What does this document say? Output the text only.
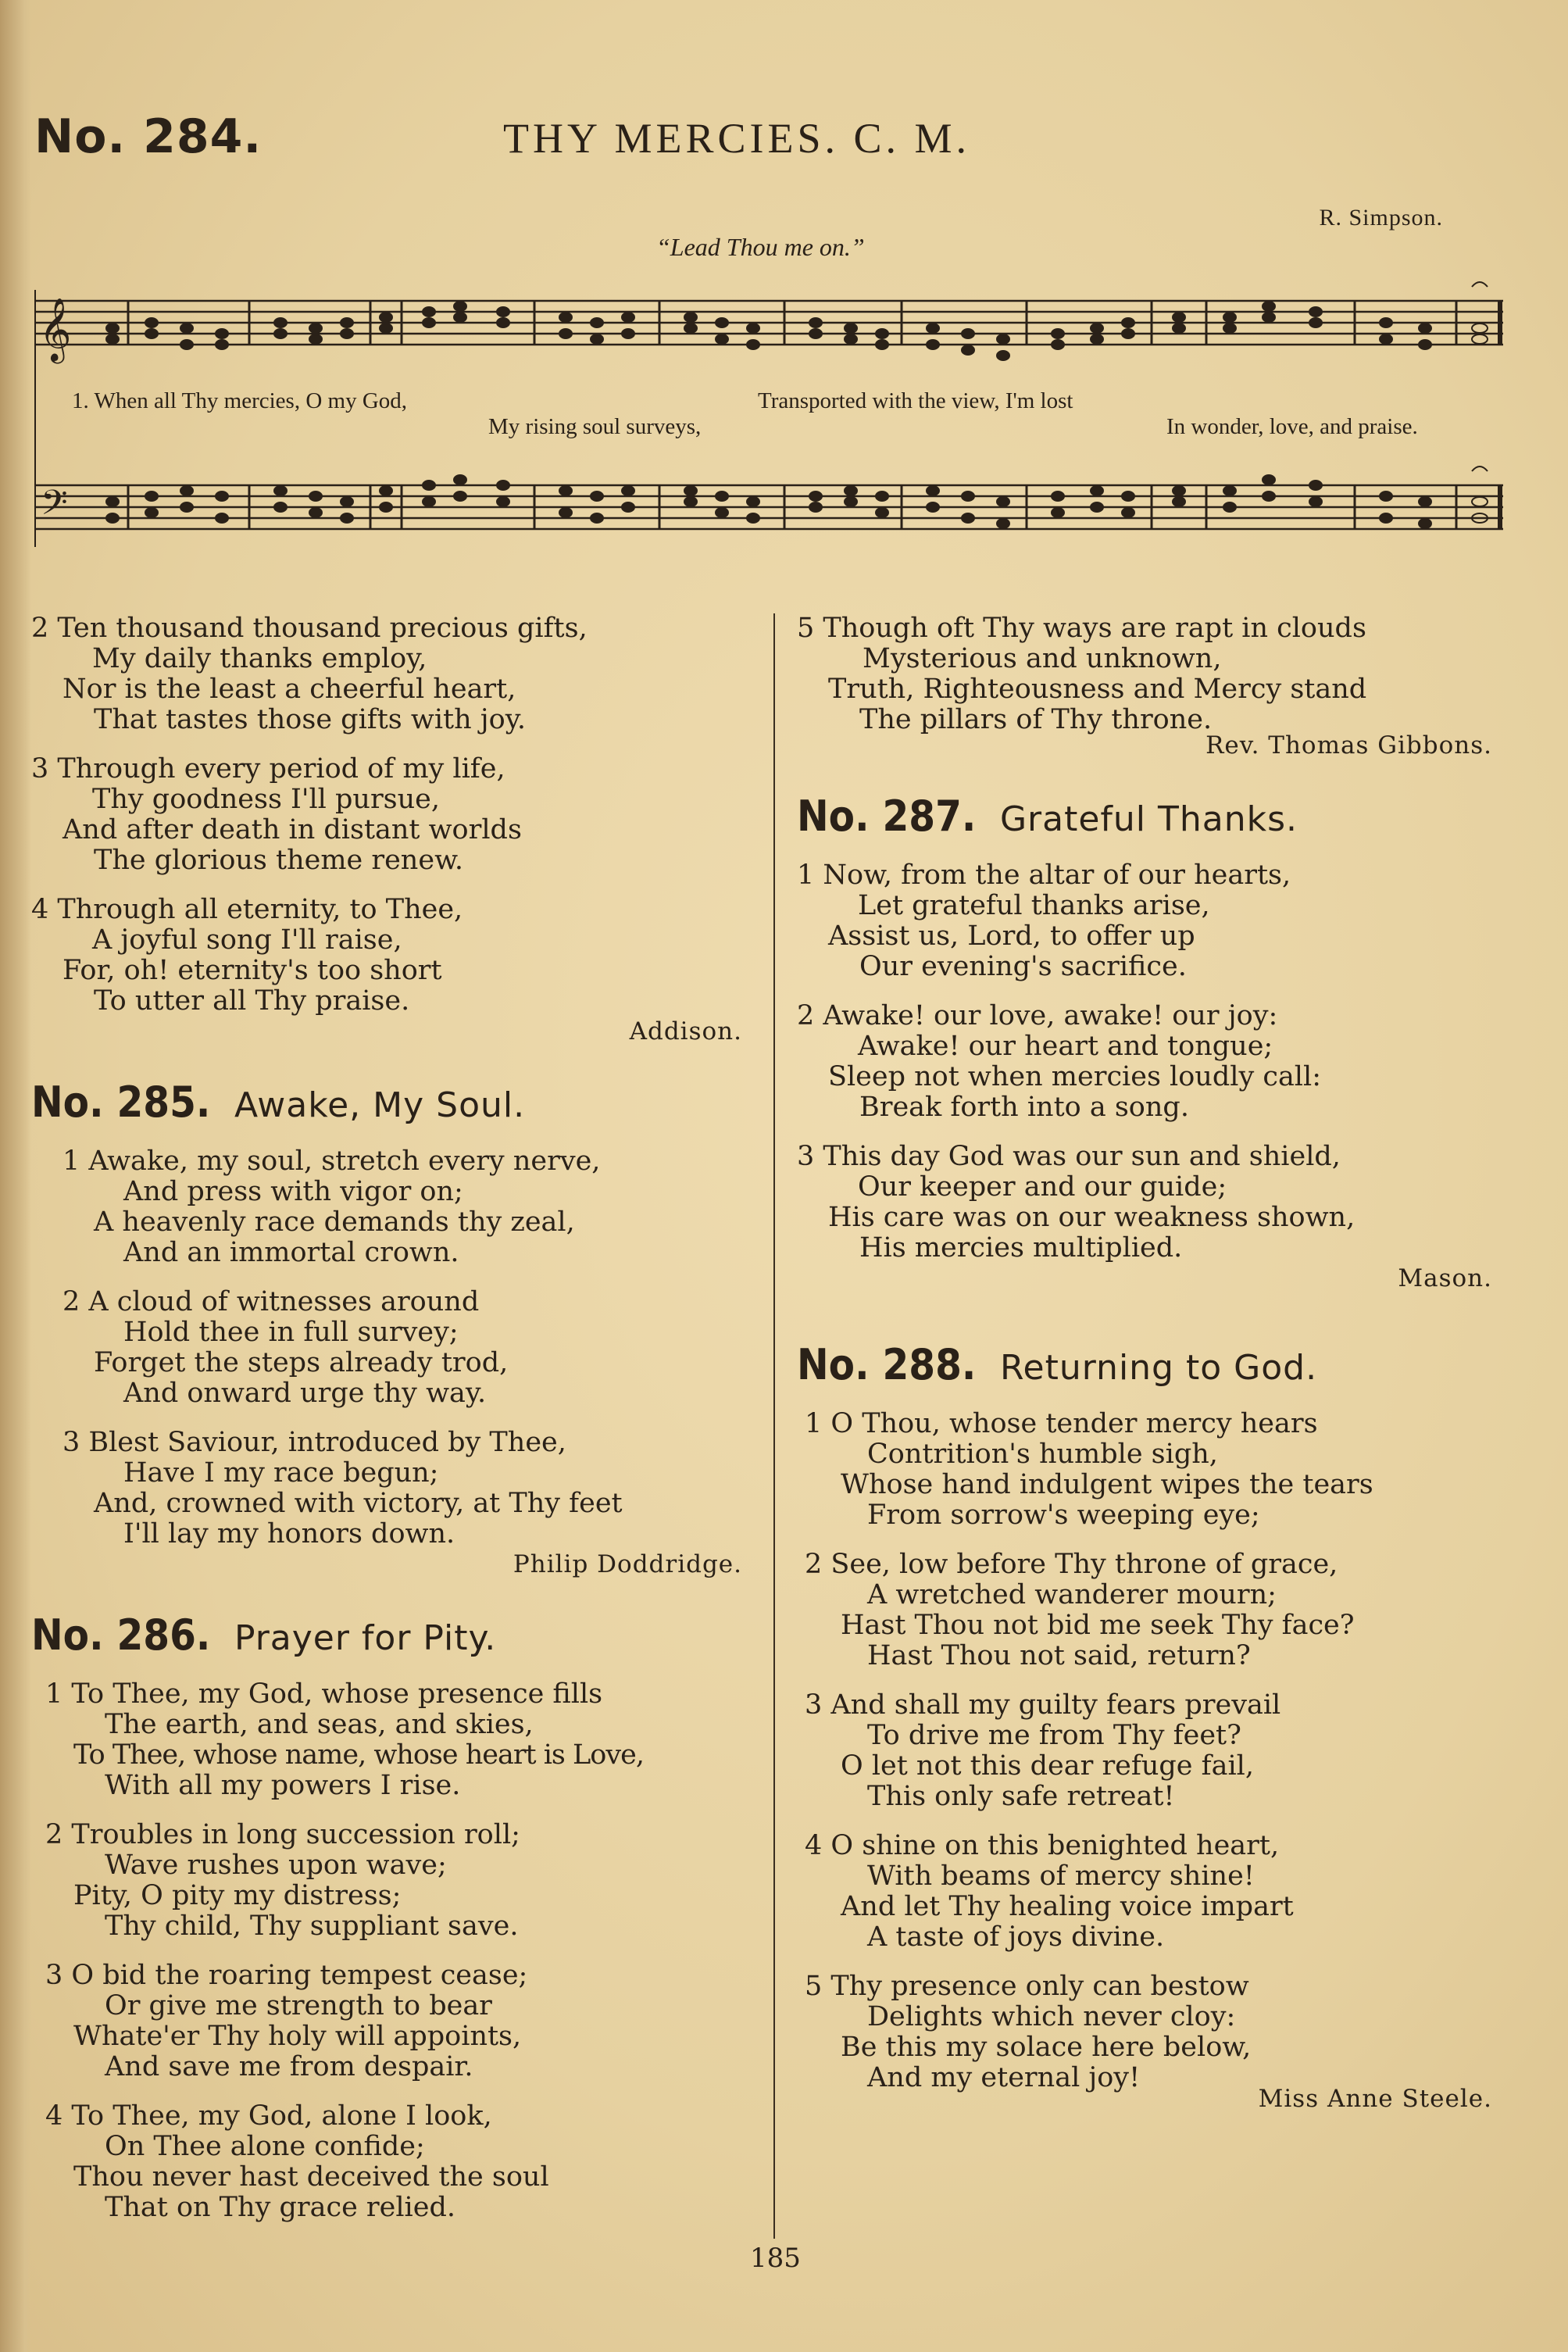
No. 284.	THY MERCIES. C. M.
R. Simpson.
“Lead Thou me on.”
𝄞
𝄢
1. When all Thy mercies, O my God,
My rising soul surveys,
Transported with the view, I'm lost
In wonder, love, and praise.
2 Ten thousand thousand precious gifts,
My daily thanks employ,
Nor is the least a cheerful heart,
That tastes those gifts with joy.
3 Through every period of my life,
Thy goodness I'll pursue,
And after death in distant worlds
The glorious theme renew.
4 Through all eternity, to Thee,
A joyful song I'll raise,
For, oh! eternity's too short
To utter all Thy praise.
Addison.
No. 285. Awake, My Soul.
1 Awake, my soul, stretch every nerve,
And press with vigor on;
A heavenly race demands thy zeal,
And an immortal crown.
2 A cloud of witnesses around
Hold thee in full survey;
Forget the steps already trod,
And onward urge thy way.
3 Blest Saviour, introduced by Thee,
Have I my race begun;
And, crowned with victory, at Thy feet
I'll lay my honors down.
Philip Doddridge.
No. 286. Prayer for Pity.
1 To Thee, my God, whose presence fills
The earth, and seas, and skies,
To Thee, whose name, whose heart is Love,
With all my powers I rise.
2 Troubles in long succession roll;
Wave rushes upon wave;
Pity, O pity my distress;
Thy child, Thy suppliant save.
3 O bid the roaring tempest cease;
Or give me strength to bear
Whate'er Thy holy will appoints,
And save me from despair.
4 To Thee, my God, alone I look,
On Thee alone confide;
Thou never hast deceived the soul
That on Thy grace relied.
5 Though oft Thy ways are rapt in clouds
Mysterious and unknown,
Truth, Righteousness and Mercy stand
The pillars of Thy throne.
Rev. Thomas Gibbons.
No. 287. Grateful Thanks.
1 Now, from the altar of our hearts,
Let grateful thanks arise,
Assist us, Lord, to offer up
Our evening's sacrifice.
2 Awake! our love, awake! our joy:
Awake! our heart and tongue;
Sleep not when mercies loudly call:
Break forth into a song.
3 This day God was our sun and shield,
Our keeper and our guide;
His care was on our weakness shown,
His mercies multiplied.
Mason.
No. 288. Returning to God.
1 O Thou, whose tender mercy hears
Contrition's humble sigh,
Whose hand indulgent wipes the tears
From sorrow's weeping eye;
2 See, low before Thy throne of grace,
A wretched wanderer mourn;
Hast Thou not bid me seek Thy face?
Hast Thou not said, return?
3 And shall my guilty fears prevail
To drive me from Thy feet?
O let not this dear refuge fail,
This only safe retreat!
4 O shine on this benighted heart,
With beams of mercy shine!
And let Thy healing voice impart
A taste of joys divine.
5 Thy presence only can bestow
Delights which never cloy:
Be this my solace here below,
And my eternal joy!
Miss Anne Steele.
185
